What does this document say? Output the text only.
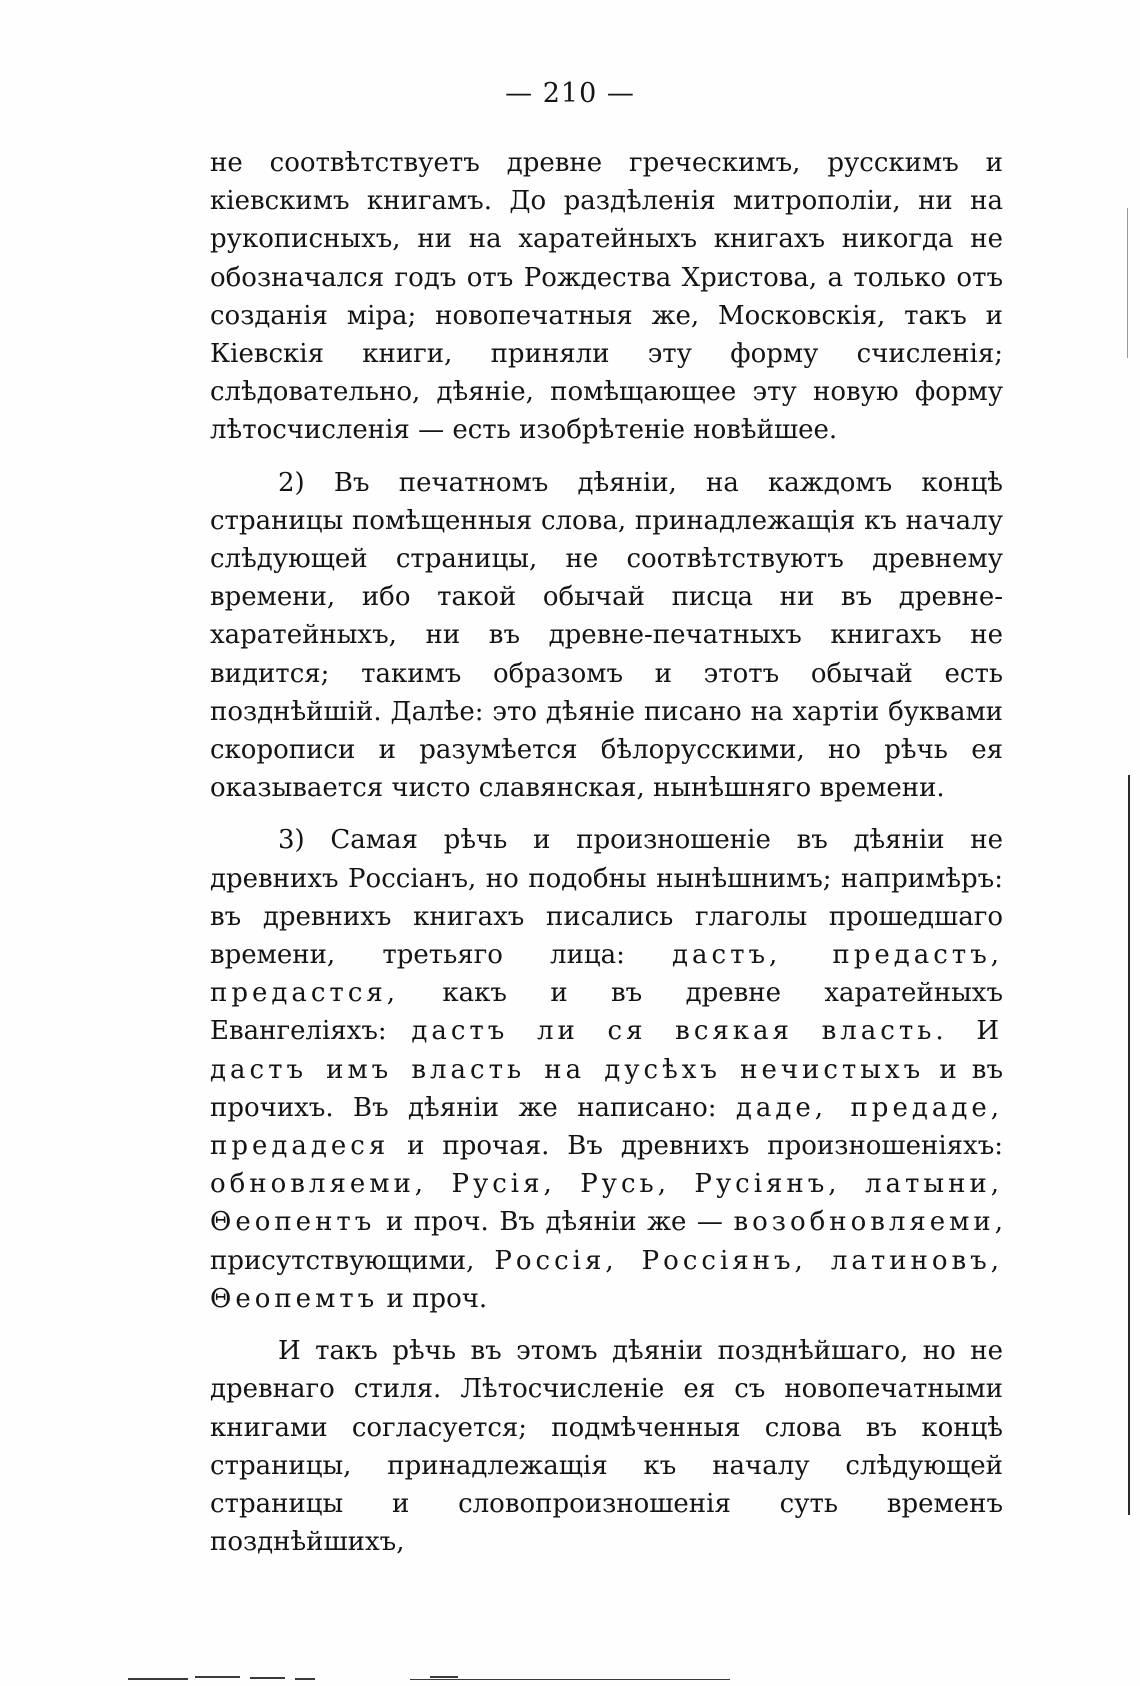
— 210 —

не соотвѣтствуетъ древне греческимъ, русскимъ и кіевскимъ книгамъ. До раздѣленія митрополіи, ни на рукописныхъ, ни на харатейныхъ книгахъ никогда не обозначался годъ отъ Рождества Христова, а только отъ созданія міра; новопечатныя же, Московскія, такъ и Кіевскія книги, приняли эту форму счисленія; слѣдовательно, дѣяніе, помѣщающее эту новую форму лѣтосчисленія — есть изобрѣтеніе новѣйшее.

2) Въ печатномъ дѣяніи, на каждомъ концѣ страницы помѣщенныя слова, принадлежащія къ началу слѣдующей страницы, не соотвѣтствуютъ древнему времени, ибо такой обычай писца ни въ древне-харатейныхъ, ни въ древне-печатныхъ книгахъ не видится; такимъ образомъ и этотъ обычай есть позднѣйшій. Далѣе: это дѣяніе писано на хартіи буквами скорописи и разумѣется бѣлорусскими, но рѣчь ея оказывается чисто славянская, нынѣшняго времени.

3) Самая рѣчь и произношеніе въ дѣяніи не древнихъ Россіанъ, но подобны нынѣшнимъ; напримѣръ: въ древнихъ книгахъ писались глаголы прошедшаго времени, третьяго лица: дастъ, предастъ, предастся, какъ и въ древне харатейныхъ Евангеліяхъ: дастъ ли ся всякая власть. И дастъ имъ власть на дусѣхъ нечистыхъ и въ прочихъ. Въ дѣяніи же написано: даде, предаде, предадеся и прочая. Въ древнихъ произношеніяхъ: обновляеми, Русія, Русь, Русіянъ, латыни, Θеопентъ и проч. Въ дѣяніи же — возобновляеми, присутствующими, Россія, Россіянъ, латиновъ, Θеопемтъ и проч.

И такъ рѣчь въ этомъ дѣяніи позднѣйшаго, но не древнаго стиля. Лѣтосчисленіе ея съ новопечатными книгами согласуется; подмѣченныя слова въ концѣ страницы, принадлежащія къ началу слѣдующей страницы и словопроизношенія суть временъ позднѣйшихъ,
